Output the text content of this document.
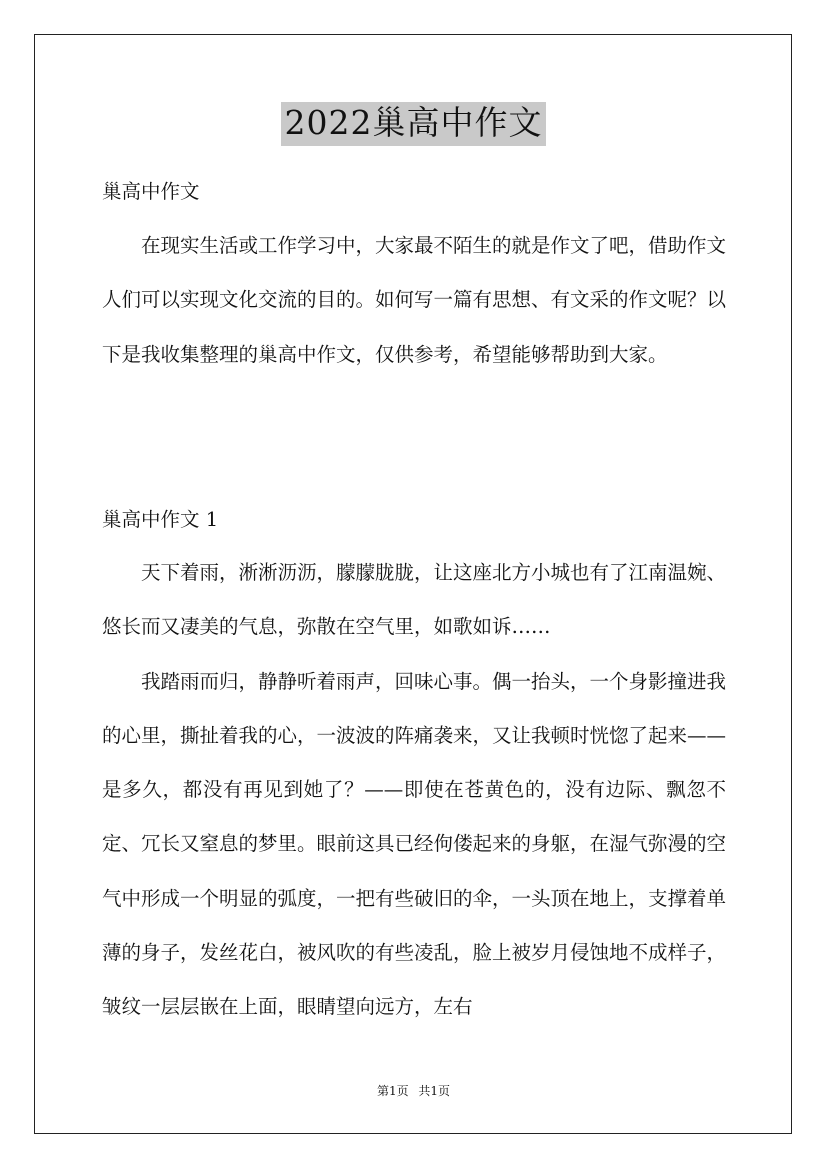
2022巢高中作文
巢高中作文

在现实生活或工作学习中，大家最不陌生的就是作文了吧，借助作文人们可以实现文化交流的目的。如何写一篇有思想、有文采的作文呢？以下是我收集整理的巢高中作文，仅供参考，希望能够帮助到大家。

巢高中作文 1

天下着雨，淅淅沥沥，朦朦胧胧，让这座北方小城也有了江南温婉、悠长而又凄美的气息，弥散在空气里，如歌如诉……

我踏雨而归，静静听着雨声，回味心事。偶一抬头，一个身影撞进我的心里，撕扯着我的心，一波波的阵痛袭来，又让我顿时恍惚了起来——是多久，都没有再见到她了？——即使在苍黄色的，没有边际、飘忽不定、冗长又窒息的梦里。眼前这具已经佝偻起来的身躯，在湿气弥漫的空气中形成一个明显的弧度，一把有些破旧的伞，一头顶在地上，支撑着单薄的身子，发丝花白，被风吹的有些凌乱，脸上被岁月侵蚀地不成样子，皱纹一层层嵌在上面，眼睛望向远方，左右

第1页 共1页
